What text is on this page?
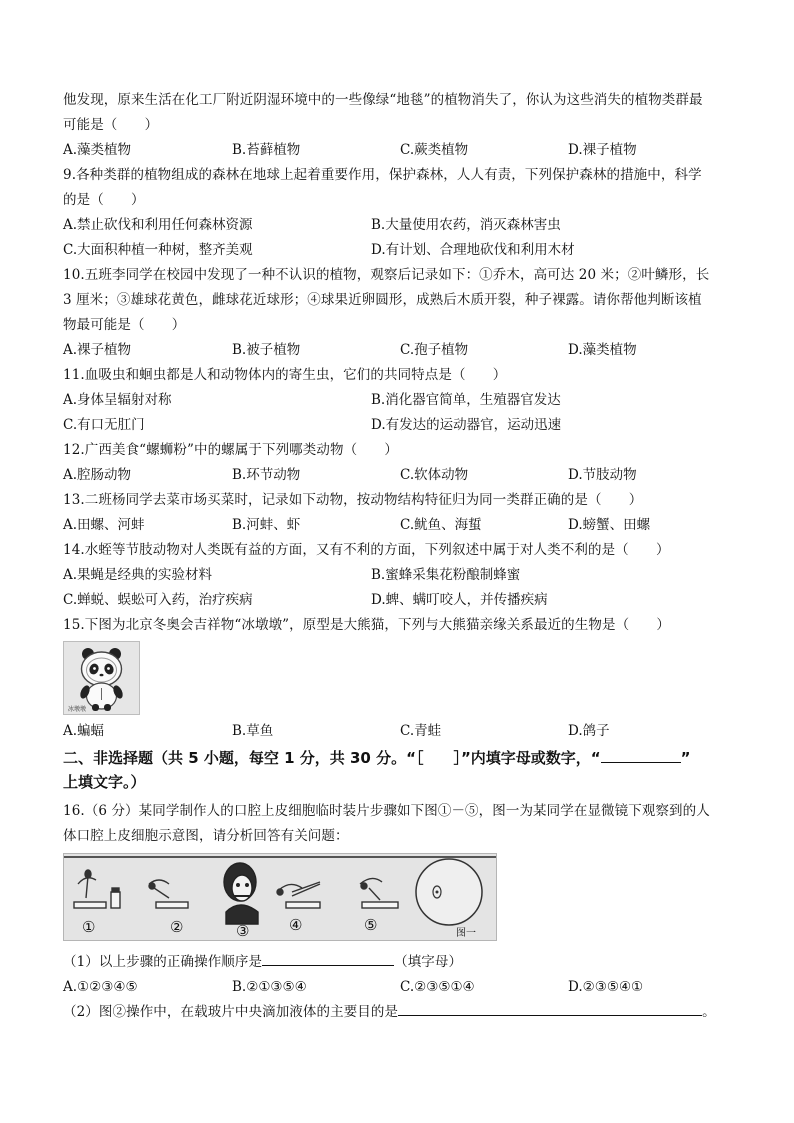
他发现，原来生活在化工厂附近阴湿环境中的一些像绿“地毯”的植物消失了，你认为这些消失的植物类群最
可能是（　　）
A.藻类植物	B.苔藓植物	C.蕨类植物	D.裸子植物
9.各种类群的植物组成的森林在地球上起着重要作用，保护森林，人人有责，下列保护森林的措施中，科学
的是（　　）
A.禁止砍伐和利用任何森林资源	B.大量使用农药，消灭森林害虫
C.大面积种植一种树，整齐美观	D.有计划、合理地砍伐和利用木材
10.五班李同学在校园中发现了一种不认识的植物，观察后记录如下：①乔木，高可达 20 米；②叶鳞形，长
3 厘米；③雄球花黄色，雌球花近球形；④球果近卵圆形，成熟后木质开裂，种子裸露。请你帮他判断该植
物最可能是（　　）
A.裸子植物	B.被子植物	C.孢子植物	D.藻类植物
11.血吸虫和蛔虫都是人和动物体内的寄生虫，它们的共同特点是（　　）
A.身体呈辐射对称	B.消化器官简单，生殖器官发达
C.有口无肛门	D.有发达的运动器官，运动迅速
12.广西美食“螺蛳粉”中的螺属于下列哪类动物（　　）
A.腔肠动物	B.环节动物	C.软体动物	D.节肢动物
13.二班杨同学去菜市场买菜时，记录如下动物，按动物结构特征归为同一类群正确的是（　　）
A.田螺、河蚌	B.河蚌、虾	C.鱿鱼、海蜇	D.螃蟹、田螺
14.水蛭等节肢动物对人类既有益的方面，又有不利的方面，下列叙述中属于对人类不利的是（　　）
A.果蝇是经典的实验材料	B.蜜蜂采集花粉酿制蜂蜜
C.蝉蜕、蜈蚣可入药，治疗疾病	D.蜱、螨叮咬人，并传播疾病
15.下图为北京冬奥会吉祥物“冰墩墩”，原型是大熊猫，下列与大熊猫亲缘关系最近的生物是（　　）
冰墩墩
A.蝙蝠	B.草鱼	C.青蛙	D.鸽子
二、非选择题（共 5 小题，每空 1 分，共 30 分。“［　　］”内填字母或数字，“	”
上填文字。）
16.（6 分）某同学制作人的口腔上皮细胞临时装片步骤如下图①－⑤，图一为某同学在显微镜下观察到的人
体口腔上皮细胞示意图，请分析回答有关问题：
①	②	③	④	⑤	图一
（1）以上步骤的正确操作顺序是	（填字母）
A.①②③④⑤	B.②①③⑤④	C.②③⑤①④	D.②③⑤④①
（2）图②操作中，在载玻片中央滴加液体的主要目的是	。
